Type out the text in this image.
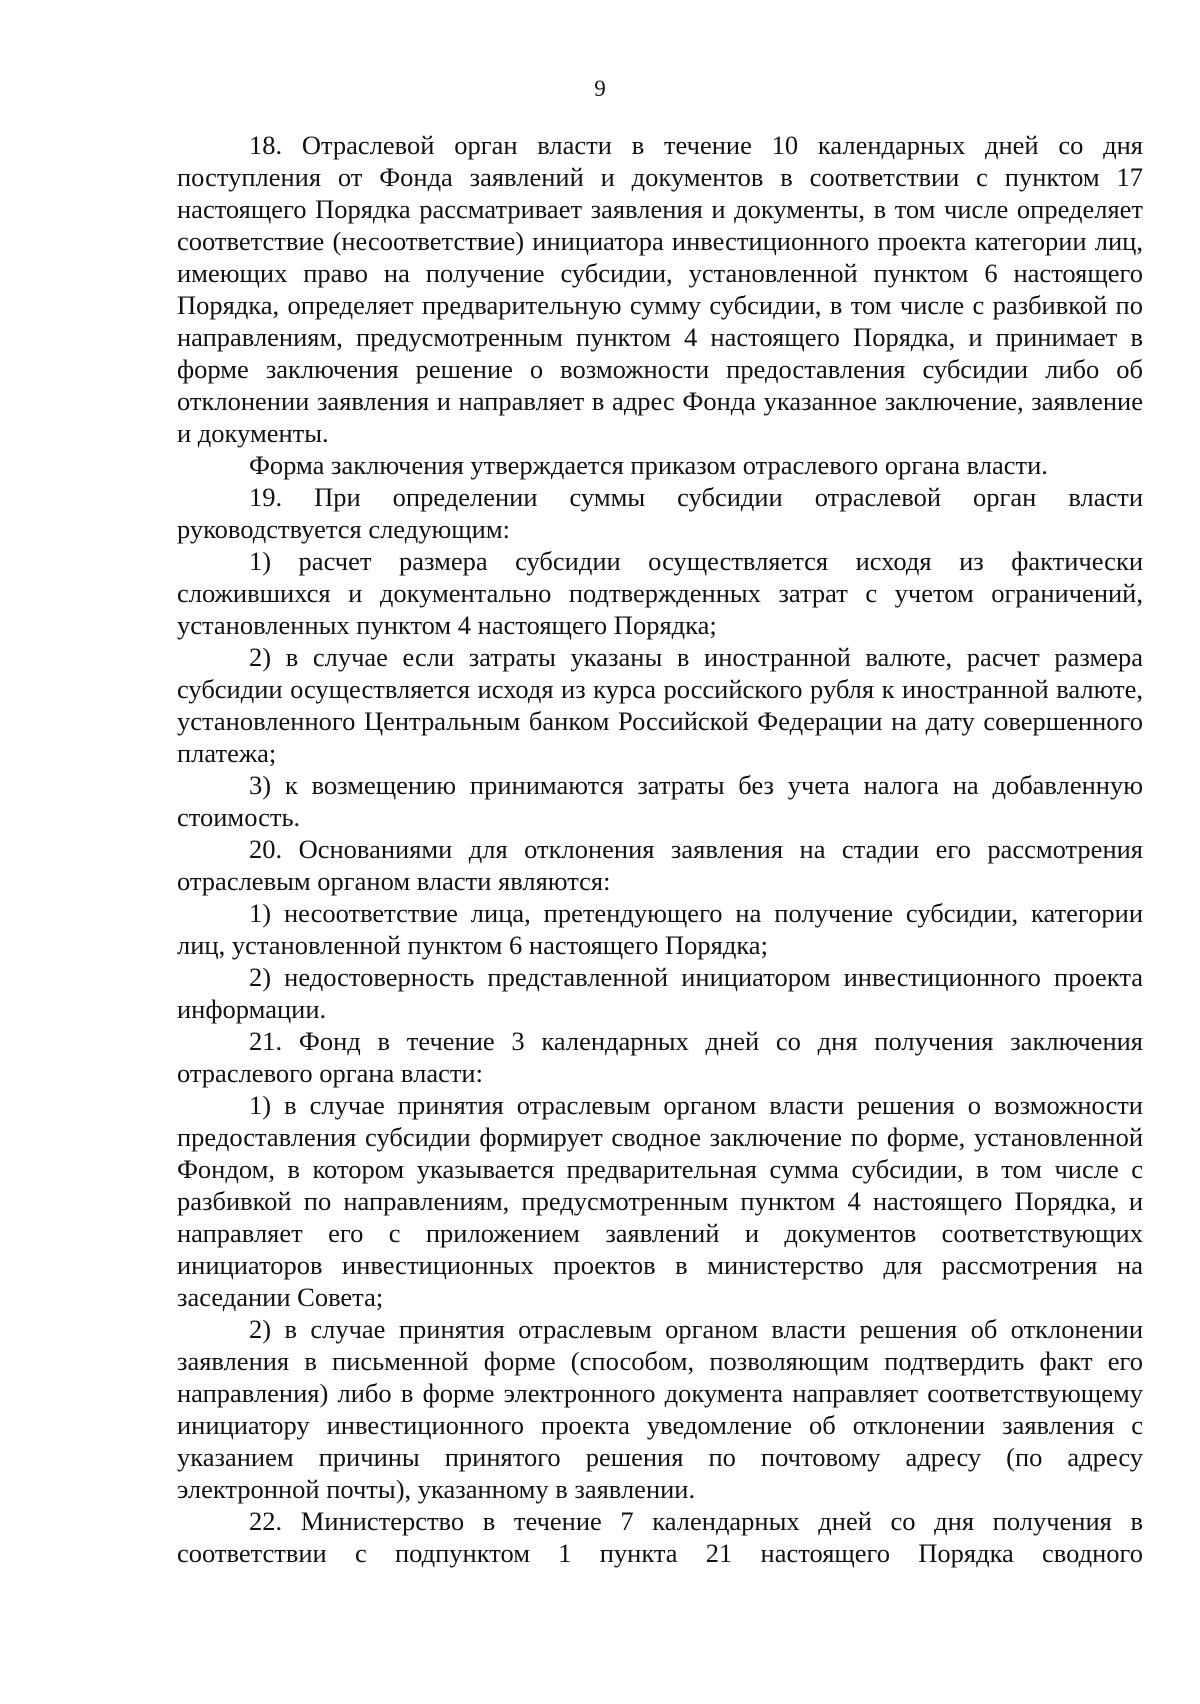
9

18. Отраслевой орган власти в течение 10 календарных дней со дня поступления от Фонда заявлений и документов в соответствии с пунктом 17 настоящего Порядка рассматривает заявления и документы, в том числе определяет соответствие (несоответствие) инициатора инвестиционного проекта категории лиц, имеющих право на получение субсидии, установленной пунктом 6 настоящего Порядка, определяет предварительную сумму субсидии, в том числе с разбивкой по направлениям, предусмотренным пунктом 4 настоящего Порядка, и принимает в форме заключения решение о возможности предоставления субсидии либо об отклонении заявления и направляет в адрес Фонда указанное заключение, заявление и документы.

Форма заключения утверждается приказом отраслевого органа власти.

19. При определении суммы субсидии отраслевой орган власти руководствуется следующим:

1) расчет размера субсидии осуществляется исходя из фактически сложившихся и документально подтвержденных затрат с учетом ограничений, установленных пунктом 4 настоящего Порядка;

2) в случае если затраты указаны в иностранной валюте, расчет размера субсидии осуществляется исходя из курса российского рубля к иностранной валюте, установленного Центральным банком Российской Федерации на дату совершенного платежа;

3) к возмещению принимаются затраты без учета налога на добавленную стоимость.

20. Основаниями для отклонения заявления на стадии его рассмотрения отраслевым органом власти являются:

1) несоответствие лица, претендующего на получение субсидии, категории лиц, установленной пунктом 6 настоящего Порядка;

2) недостоверность представленной инициатором инвестиционного проекта информации.

21. Фонд в течение 3 календарных дней со дня получения заключения отраслевого органа власти:

1) в случае принятия отраслевым органом власти решения о возможности предоставления субсидии формирует сводное заключение по форме, установленной Фондом, в котором указывается предварительная сумма субсидии, в том числе с разбивкой по направлениям, предусмотренным пунктом 4 настоящего Порядка, и направляет его с приложением заявлений и документов соответствующих инициаторов инвестиционных проектов в министерство для рассмотрения на заседании Совета;

2) в случае принятия отраслевым органом власти решения об отклонении заявления в письменной форме (способом, позволяющим подтвердить факт его направления) либо в форме электронного документа направляет соответствующему инициатору инвестиционного проекта уведомление об отклонении заявления с указанием причины принятого решения по почтовому адресу (по адресу электронной почты), указанному в заявлении.

22. Министерство в течение 7 календарных дней со дня получения в соответствии с подпунктом 1 пункта 21 настоящего Порядка сводного
